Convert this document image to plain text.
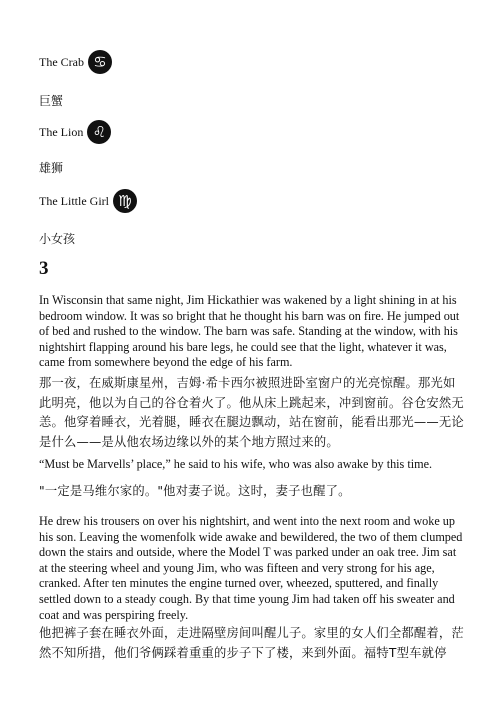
The Crab ♋
巨蟹
The Lion ♌
雄狮
The Little Girl ♍
小女孩
3

In Wisconsin that same night, Jim Hickathier was wakened by a light shining in at his bedroom window. It was so bright that he thought his barn was on fire. He jumped out of bed and rushed to the window. The barn was safe. Standing at the window, with his nightshirt flapping around his bare legs, he could see that the light, whatever it was, came from somewhere beyond the edge of his farm.

那一夜，在威斯康星州，吉姆·希卡西尔被照进卧室窗户的光亮惊醒。那光如此明亮，他以为自己的谷仓着火了。他从床上跳起来，冲到窗前。谷仓安然无恙。他穿着睡衣，光着腿，睡衣在腿边飘动，站在窗前，能看出那光——无论是什么——是从他农场边缘以外的某个地方照过来的。

“Must be Marvells’ place,” he said to his wife, who was also awake by this time.

"一定是马维尔家的。"他对妻子说。这时，妻子也醒了。

He drew his trousers on over his nightshirt, and went into the next room and woke up his son. Leaving the womenfolk wide awake and bewildered, the two of them clumped down the stairs and outside, where the Model T was parked under an oak tree. Jim sat at the steering wheel and young Jim, who was fifteen and very strong for his age, cranked. After ten minutes the engine turned over, wheezed, sputtered, and finally settled down to a steady cough. By that time young Jim had taken off his sweater and coat and was perspiring freely.

他把裤子套在睡衣外面，走进隔壁房间叫醒儿子。家里的女人们全都醒着，茫然不知所措，他们爷俩踩着重重的步子下了楼，来到外面。福特T型车就停
